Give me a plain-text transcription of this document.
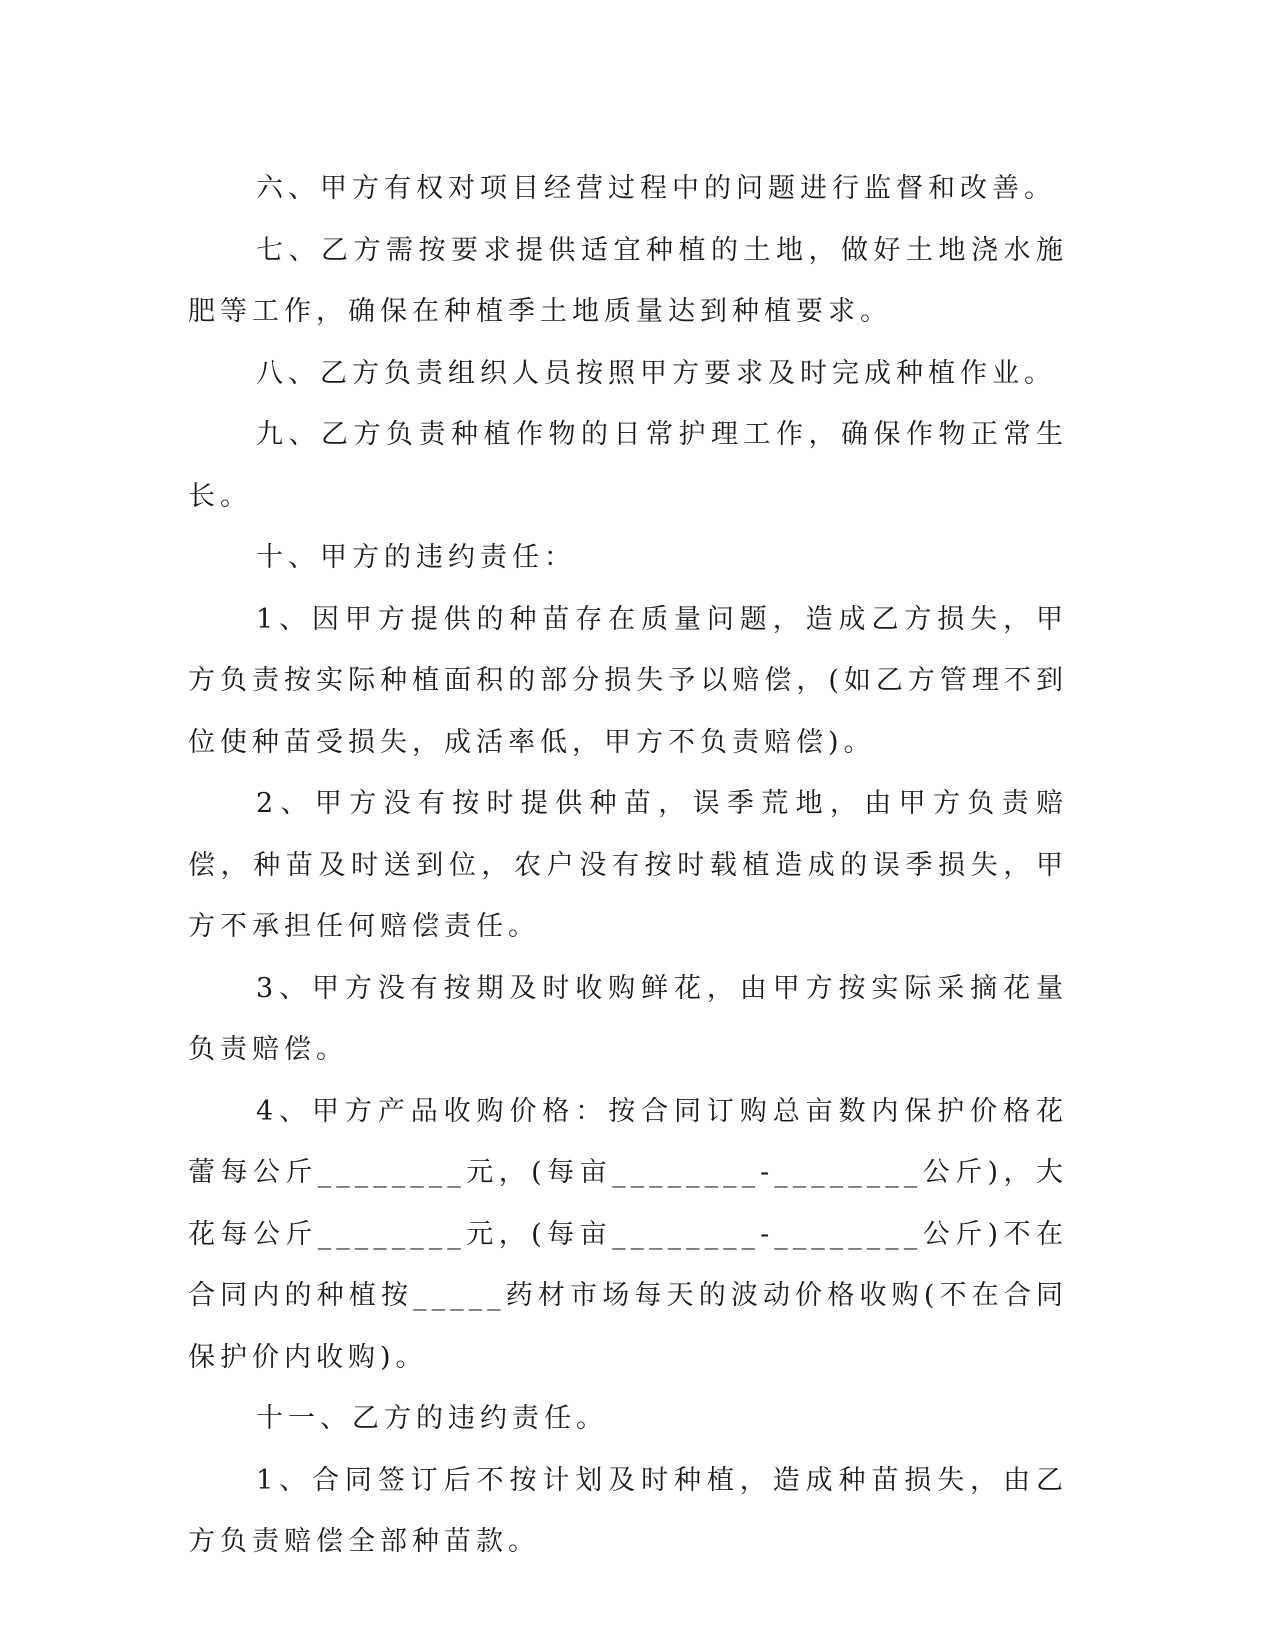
六、甲方有权对项目经营过程中的问题进行监督和改善。

七、乙方需按要求提供适宜种植的土地，做好土地浇水施肥等工作，确保在种植季土地质量达到种植要求。

八、乙方负责组织人员按照甲方要求及时完成种植作业。

九、乙方负责种植作物的日常护理工作，确保作物正常生长。

十、甲方的违约责任：

1、因甲方提供的种苗存在质量问题，造成乙方损失，甲方负责按实际种植面积的部分损失予以赔偿，(如乙方管理不到位使种苗受损失，成活率低，甲方不负责赔偿)。

2、甲方没有按时提供种苗，误季荒地，由甲方负责赔偿，种苗及时送到位，农户没有按时载植造成的误季损失，甲方不承担任何赔偿责任。

3、甲方没有按期及时收购鲜花，由甲方按实际采摘花量负责赔偿。

4、甲方产品收购价格：按合同订购总亩数内保护价格花蕾每公斤________元，(每亩________-________公斤)，大花每公斤________元，(每亩________-________公斤)不在合同内的种植按_____药材市场每天的波动价格收购(不在合同保护价内收购)。

十一、乙方的违约责任。

1、合同签订后不按计划及时种植，造成种苗损失，由乙方负责赔偿全部种苗款。
